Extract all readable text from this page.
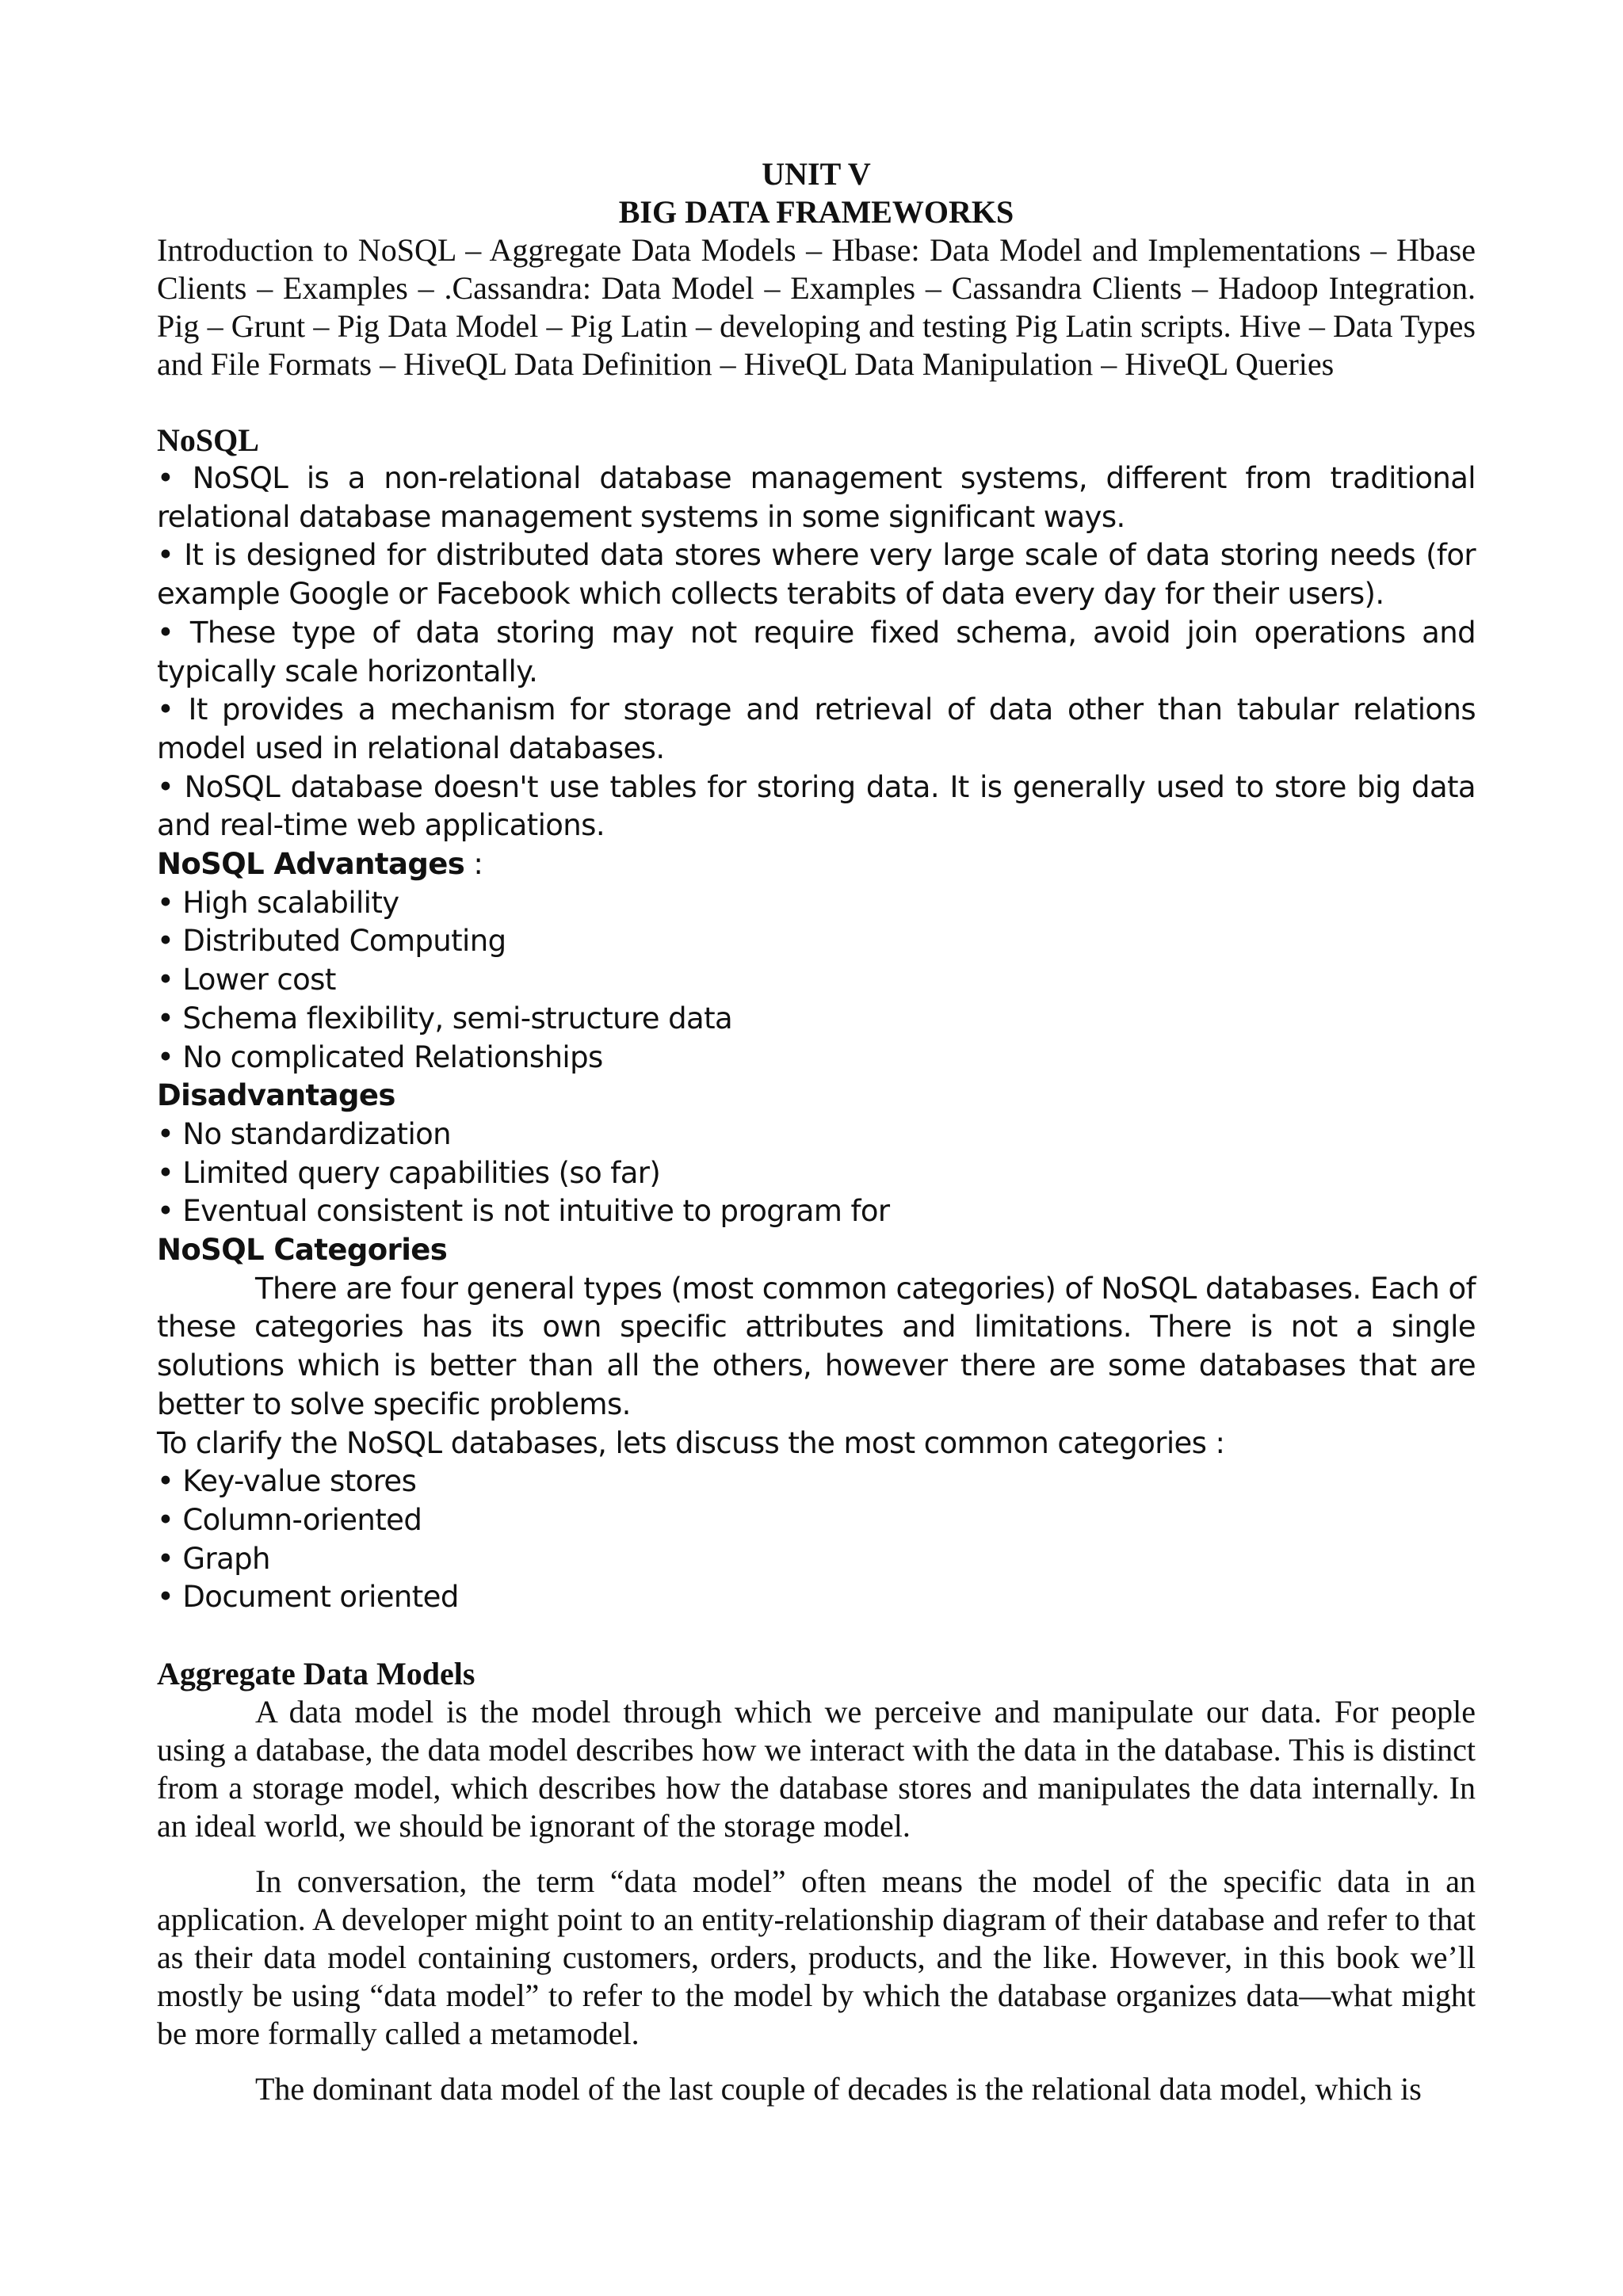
UNIT V
BIG DATA FRAMEWORKS

Introduction to NoSQL – Aggregate Data Models – Hbase: Data Model and Implementations – Hbase Clients – Examples – .Cassandra: Data Model – Examples – Cassandra Clients – Hadoop Integration. Pig – Grunt – Pig Data Model – Pig Latin – developing and testing Pig Latin scripts. Hive – Data Types and File Formats – HiveQL Data Definition – HiveQL Data Manipulation – HiveQL Queries

NoSQL

• NoSQL is a non-relational database management systems, different from traditional relational database management systems in some significant ways.

• It is designed for distributed data stores where very large scale of data storing needs (for example Google or Facebook which collects terabits of data every day for their users).

• These type of data storing may not require fixed schema, avoid join operations and typically scale horizontally.

• It provides a mechanism for storage and retrieval of data other than tabular relations model used in relational databases.

• NoSQL database doesn't use tables for storing data. It is generally used to store big data and real-time web applications.

NoSQL Advantages :

• High scalability
• Distributed Computing
• Lower cost
• Schema flexibility, semi-structure data
• No complicated Relationships

Disadvantages

• No standardization
• Limited query capabilities (so far)
• Eventual consistent is not intuitive to program for

NoSQL Categories

There are four general types (most common categories) of NoSQL databases. Each of these categories has its own specific attributes and limitations. There is not a single solutions which is better than all the others, however there are some databases that are better to solve specific problems.

To clarify the NoSQL databases, lets discuss the most common categories :

• Key-value stores
• Column-oriented
• Graph
• Document oriented

Aggregate Data Models

A data model is the model through which we perceive and manipulate our data. For people using a database, the data model describes how we interact with the data in the database. This is distinct from a storage model, which describes how the database stores and manipulates the data internally. In an ideal world, we should be ignorant of the storage model.

In conversation, the term “data model” often means the model of the specific data in an application. A developer might point to an entity-relationship diagram of their database and refer to that as their data model containing customers, orders, products, and the like. However, in this book we’ll mostly be using “data model” to refer to the model by which the database organizes data—what might be more formally called a metamodel.

The dominant data model of the last couple of decades is the relational data model, which is
